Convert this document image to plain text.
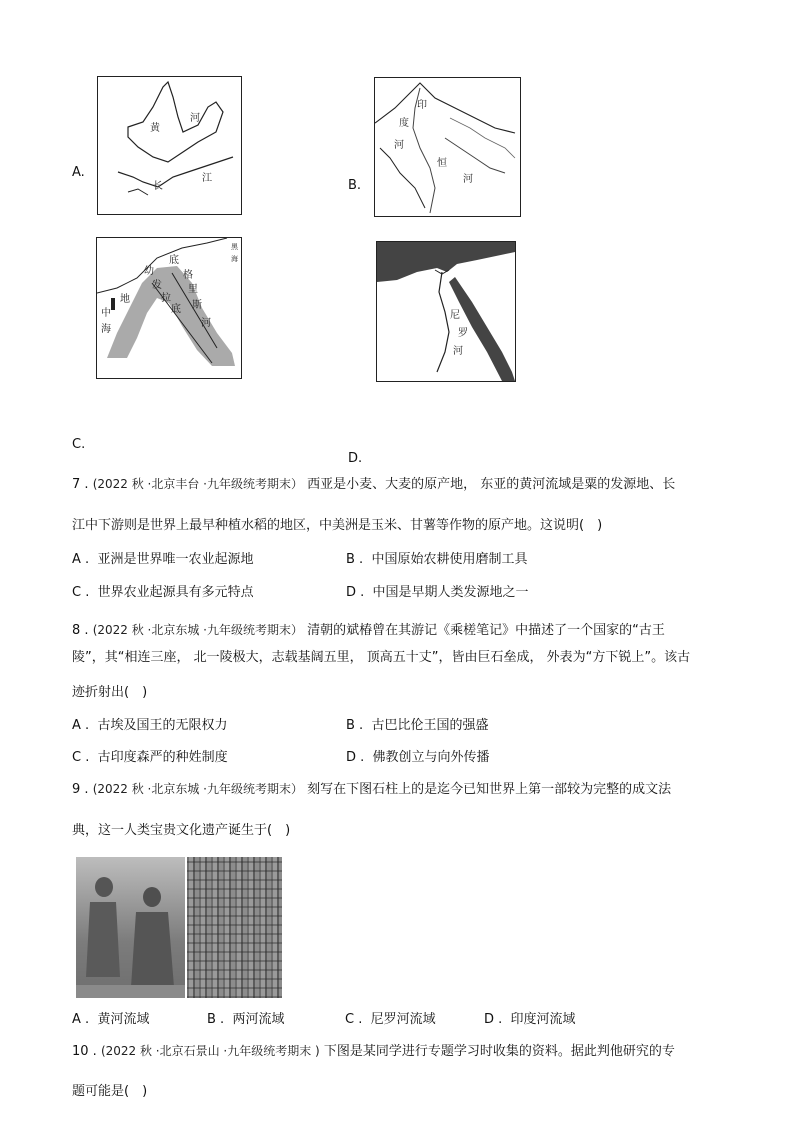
A.
黄
河
长
江	B.
印
度
河
恒
河
幼
发
拉
底
底
格
里
斯
河
地
中
海
黑
海
尼
罗
河
C.
D.
7 . (2022 秋 ·北京丰台 ·九年级统考期末） 西亚是小麦、大麦的原产地， 东亚的黄河流域是粟的发源地、长
江中下游则是世界上最早种植水稻的地区，中美洲是玉米、甘薯等作物的原产地。这说明(　)
A . 亚洲是世界唯一农业起源地	B . 中国原始农耕使用磨制工具
C . 世界农业起源具有多元特点	D . 中国是早期人类发源地之一
8 . (2022 秋 ·北京东城 ·九年级统考期末） 清朝的斌椿曾在其游记《乘槎笔记》中描述了一个国家的“古王
陵”，其“相连三座， 北一陵极大，志载基阔五里， 顶高五十丈”，皆由巨石垒成， 外表为“方下锐上”。该古
迹折射出(　)
A . 古埃及国王的无限权力	B . 古巴比伦王国的强盛
C . 古印度森严的种姓制度	D . 佛教创立与向外传播
9 . (2022 秋 ·北京东城 ·九年级统考期末） 刻写在下图石柱上的是迄今已知世界上第一部较为完整的成文法
典，这一人类宝贵文化遗产诞生于(　)
A . 黄河流域	B . 两河流域	C . 尼罗河流域	D . 印度河流域
10 . (2022 秋 ·北京石景山 ·九年级统考期末 ) 下图是某同学进行专题学习时收集的资料。据此判他研究的专
题可能是(　)
